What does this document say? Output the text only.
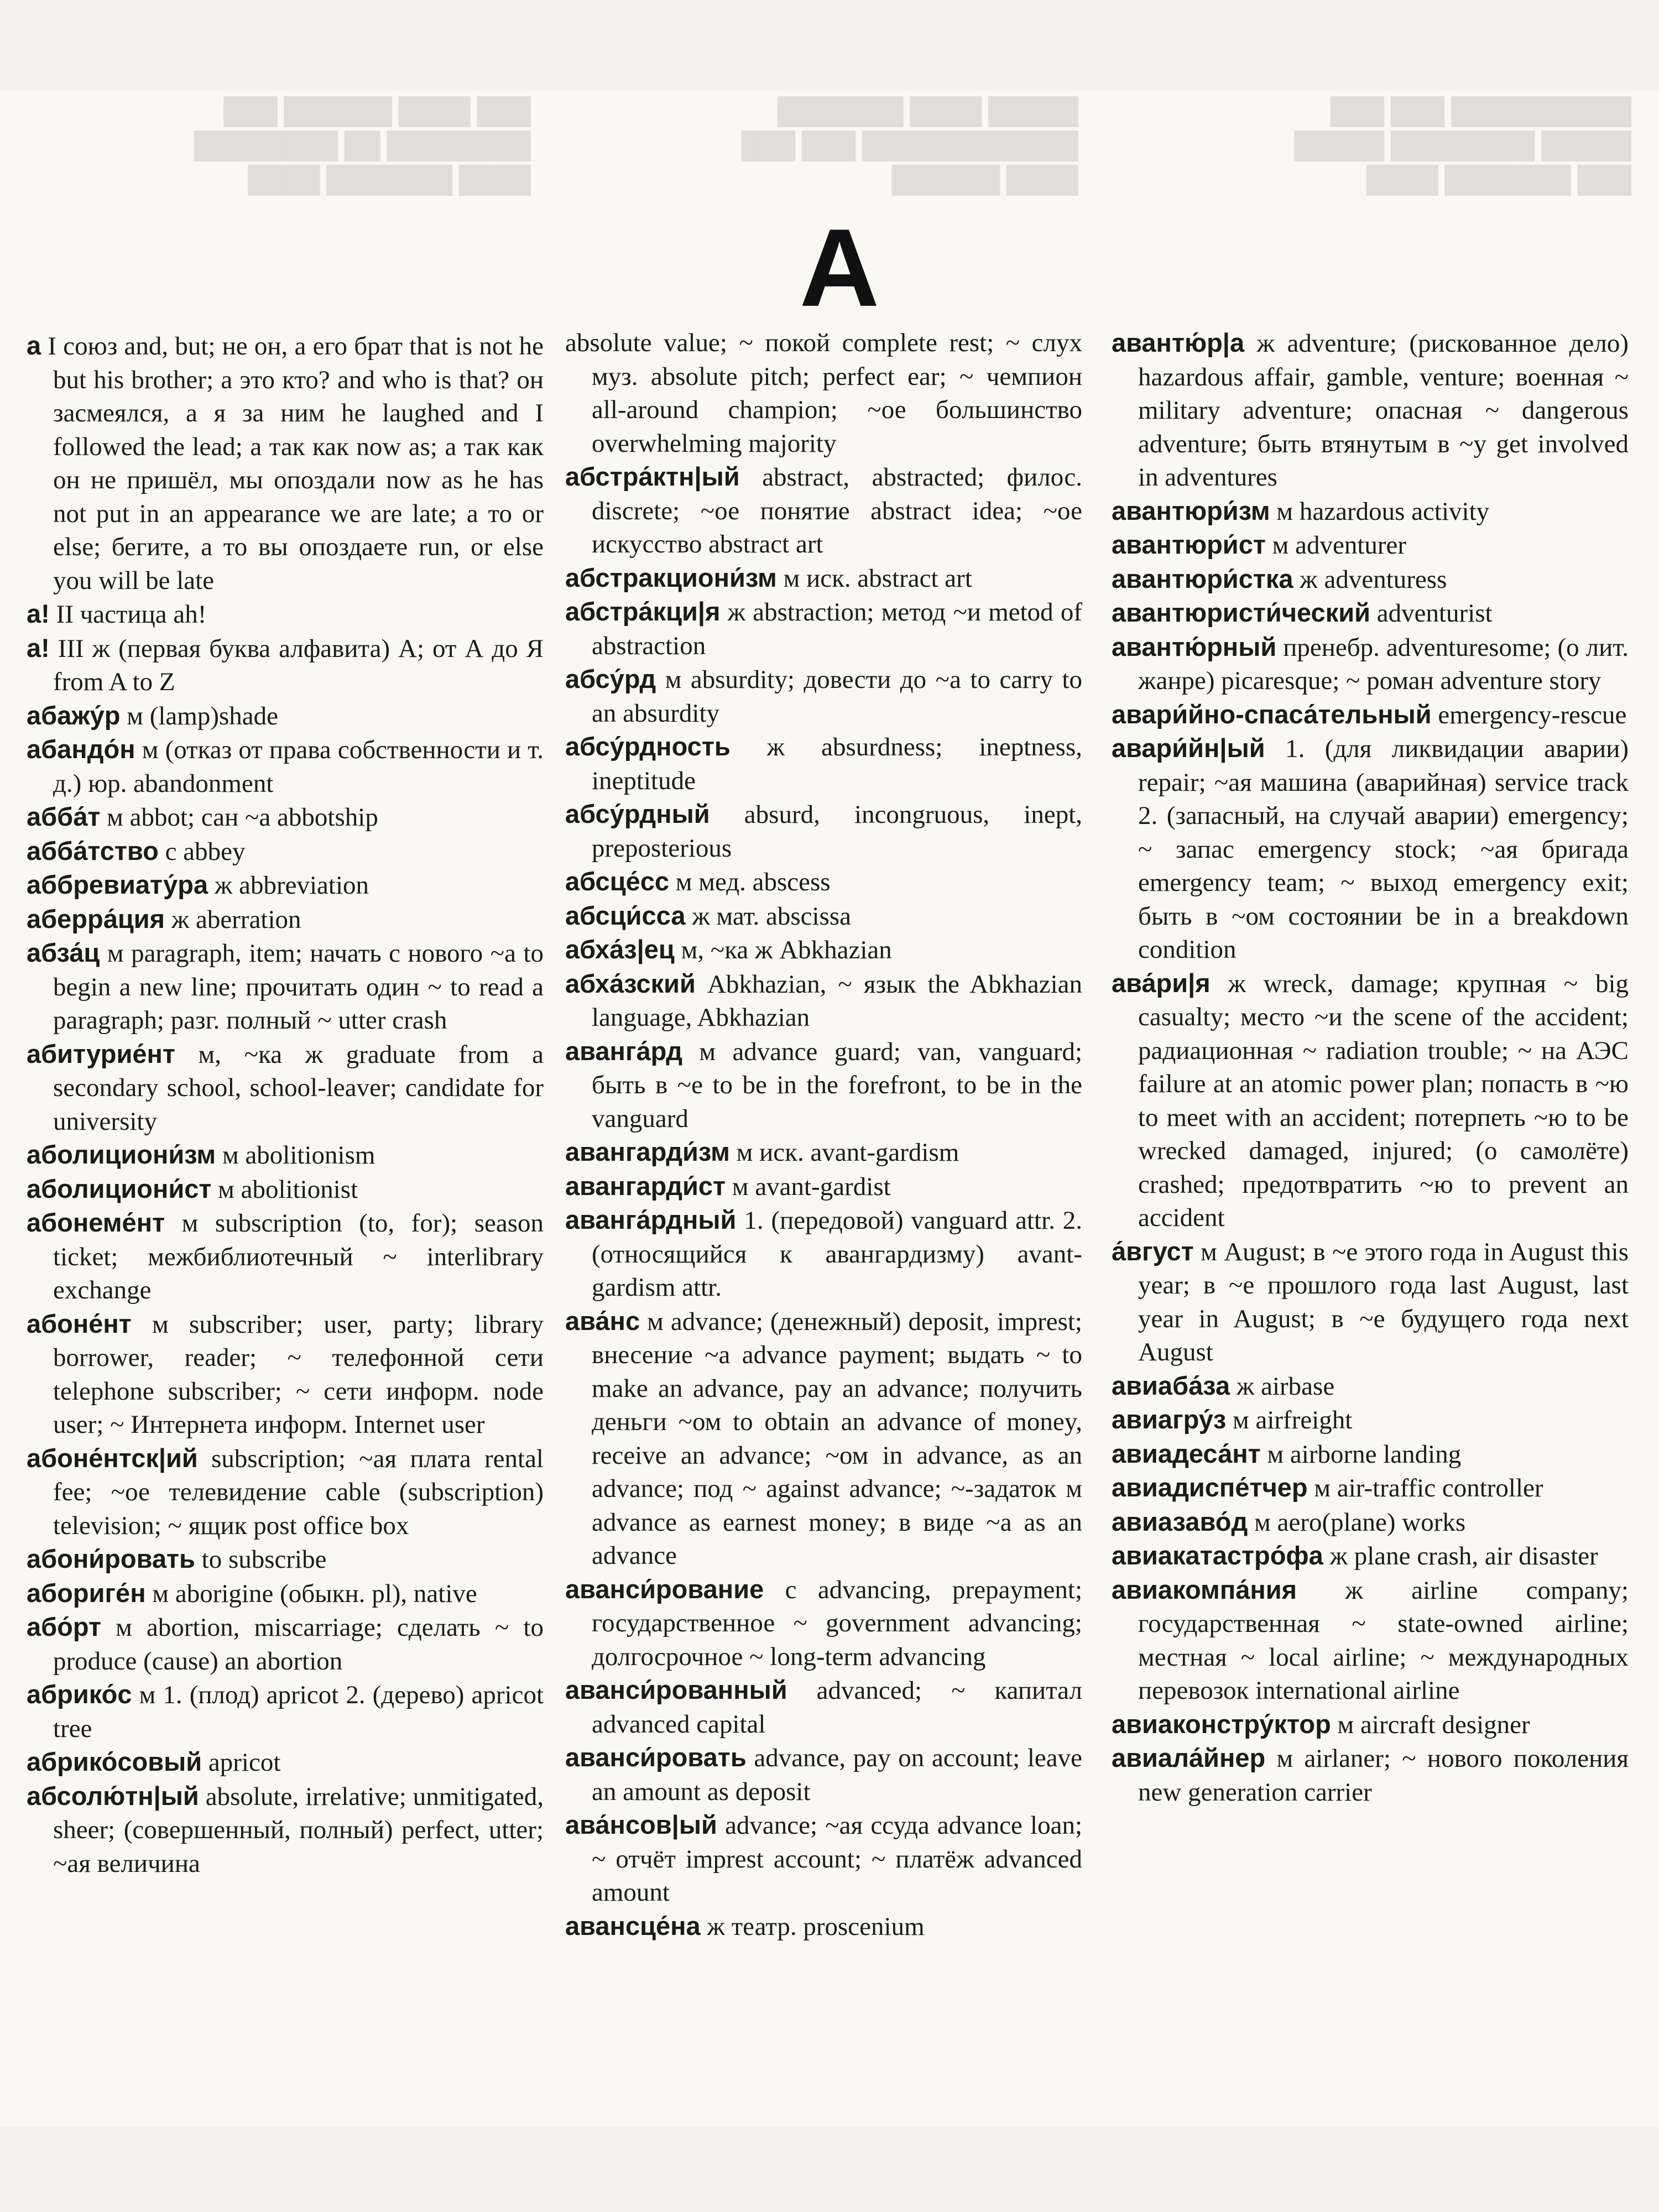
███ ████ ██████ ███
████████ ██ ████████
████ ███████ ████
█████ ████ ███████
████████████ ███ ███
████ ██████
██████████ ███ ███
█████ ████████ █████
███ ███████ ████
А

а I союз and, but; не он, а его брат that is not he but his brother; а это кто? and who is that? он засмеялся, а я за ним he laughed and I followed the lead; а так как now as; а так как он не пришёл, мы опоздали now as he has not put in an appearance we are late; а то or else; бегите, а то вы опоздаете run, or else you will be late

а! II частица ah!

а! III ж (первая буква алфавита) A; от А до Я from A to Z

абажу́р м (lamp)shade

абандо́н м (отказ от права собственности и т. д.) юр. abandonment

абба́т м abbot; сан ~а abbotship

абба́тство с abbey

аббревиату́ра ж abbreviation

аберра́ция ж aberration

абза́ц м paragraph, item; начать с нового ~а to begin a new line; прочитать один ~ to read a paragraph; разг. полный ~ utter crash

абитурие́нт м, ~ка ж graduate from a secondary school, school-leaver; candidate for university

аболициони́зм м abolitionism

аболициони́ст м abolitionist

абонеме́нт м subscription (to, for); season ticket; межбиблиотечный ~ interlibrary exchange

абоне́нт м subscriber; user, party; library borrower, reader; ~ телефонной сети telephone subscriber; ~ сети информ. node user; ~ Интернета информ. Internet user

абоне́нтск|ий subscription; ~ая плата rental fee; ~ое телевидение cable (subscription) television; ~ ящик post office box

абони́ровать to subscribe

абориге́н м aborigine (обыкн. pl), native

або́рт м abortion, miscarriage; сделать ~ to produce (cause) an abortion

абрико́с м 1. (плод) apricot 2. (дерево) apricot tree

абрико́совый apricot

абсолю́тн|ый absolute, irrelative; unmitigated, sheer; (совершенный, полный) perfect, utter; ~ая величина

absolute value; ~ покой complete rest; ~ слух муз. absolute pitch; perfect ear; ~ чемпион all-around champion; ~ое большинство overwhelming majority

абстра́ктн|ый abstract, abstracted; филос. discrete; ~ое понятие abstract idea; ~ое искусство abstract art

абстракциони́зм м иск. abstract art

абстра́кци|я ж abstraction; метод ~и metod of abstraction

абсу́рд м absurdity; довести до ~а to carry to an absurdity

абсу́рдность ж absurdness; ineptness, ineptitude

абсу́рдный absurd, incongruous, inept, preposterious

абсце́сс м мед. abscess

абсци́сса ж мат. abscissa

абха́з|ец м, ~ка ж Abkhazian

абха́зский Abkhazian, ~ язык the Abkhazian language, Abkhazian

аванга́рд м advance guard; van, vanguard; быть в ~е to be in the forefront, to be in the vanguard

авангарди́зм м иск. avant-gardism

авангарди́ст м avant-gardist

аванга́рдный 1. (передовой) vanguard attr. 2. (относящийся к авангардизму) avant-gardism attr.

ава́нс м advance; (денежный) deposit, imprest; внесение ~а advance payment; выдать ~ to make an advance, pay an advance; получить деньги ~ом to obtain an advance of money, receive an advance; ~ом in advance, as an advance; под ~ against advance; ~-задаток м advance as earnest money; в виде ~а as an advance

аванси́рование с advancing, prepayment; государственное ~ government advancing; долгосрочное ~ long-term advancing

аванси́рованный advanced; ~ капитал advanced capital

аванси́ровать advance, pay on account; leave an amount as deposit

ава́нсов|ый advance; ~ая ссуда advance loan; ~ отчёт imprest account; ~ платёж advanced amount

авансце́на ж театр. proscenium

авантю́р|а ж adventure; (рискованное дело) hazardous affair, gamble, venture; военная ~ military adventure; опасная ~ dangerous adventure; быть втянутым в ~у get involved in adventures

авантюри́зм м hazardous activity

авантюри́ст м adventurer

авантюри́стка ж adventuress

авантюристи́ческий adventurist

авантю́рный пренебр. adventuresome; (о лит. жанре) picaresque; ~ роман adventure story

авари́йно-спаса́тельный emergency-rescue

авари́йн|ый 1. (для ликвидации аварии) repair; ~ая машина (аварийная) service track 2. (запасный, на случай аварии) emergency; ~ запас emergency stock; ~ая бригада emergency team; ~ выход emergency exit; быть в ~ом состоянии be in a breakdown condition

ава́ри|я ж wreck, damage; крупная ~ big casualty; место ~и the scene of the accident; радиационная ~ radiation trouble; ~ на АЭС failure at an atomic power plan; попасть в ~ю to meet with an accident; потерпеть ~ю to be wrecked damaged, injured; (о самолёте) crashed; предотвратить ~ю to prevent an accident

а́вгуст м August; в ~е этого года in August this year; в ~е прошлого года last August, last year in August; в ~е будущего года next August

авиаба́за ж airbase

авиагру́з м airfreight

авиадеса́нт м airborne landing

авиадиспе́тчер м air-traffic controller

авиазаво́д м aero(plane) works

авиакатастро́фа ж plane crash, air disaster

авиакомпа́ния ж airline company; государственная ~ state-owned airline; местная ~ local airline; ~ международных перевозок international airline

авиаконстру́ктор м aircraft designer

авиала́йнер м airlaner; ~ нового поколения new generation carrier
